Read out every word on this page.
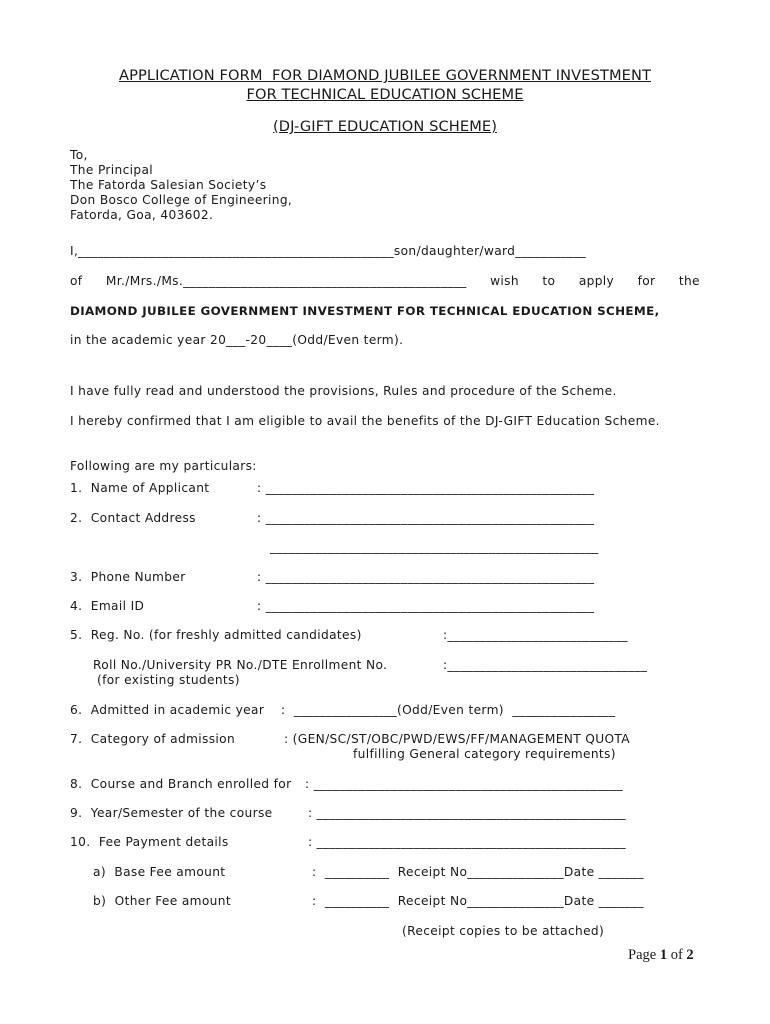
APPLICATION FORM  FOR DIAMOND JUBILEE GOVERNMENT INVESTMENT
FOR TECHNICAL EDUCATION SCHEME
(DJ-GIFT EDUCATION SCHEME)
To,
The Principal
The Fatorda Salesian Society’s
Don Bosco College of Engineering,
Fatorda, Goa, 403602.
I,_________________________________________________son/daughter/ward___________
of Mr./Mrs./Ms.____________________________________________ wish to apply for the
DIAMOND JUBILEE GOVERNMENT INVESTMENT FOR TECHNICAL EDUCATION SCHEME,
in the academic year 20___-20____(Odd/Even term).
I have fully read and understood the provisions, Rules and procedure of the Scheme.
I hereby confirmed that I am eligible to avail the benefits of the DJ-GIFT Education Scheme.
Following are my particulars:
1.  Name of Applicant	: ___________________________________________________
2.  Contact Address	: ___________________________________________________
___________________________________________________
3.  Phone Number	: ___________________________________________________
4.  Email ID	: ___________________________________________________
5.  Reg. No. (for freshly admitted candidates)	:____________________________
Roll No./University PR No./DTE Enrollment No.	:_______________________________
(for existing students)
6.  Admitted in academic year :  ________________(Odd/Even term)  ________________
7.  Category of admission	: (GEN/SC/ST/OBC/PWD/EWS/FF/MANAGEMENT QUOTA
fulfilling General category requirements)
8.  Course and Branch enrolled for : ________________________________________________
9.  Year/Semester of the course	: ________________________________________________
10.  Fee Payment details	: ________________________________________________
a)  Base Fee amount	:  __________  Receipt No_______________Date _______
b)  Other Fee amount	:  __________  Receipt No_______________Date _______
(Receipt copies to be attached)
Page 1 of 2
